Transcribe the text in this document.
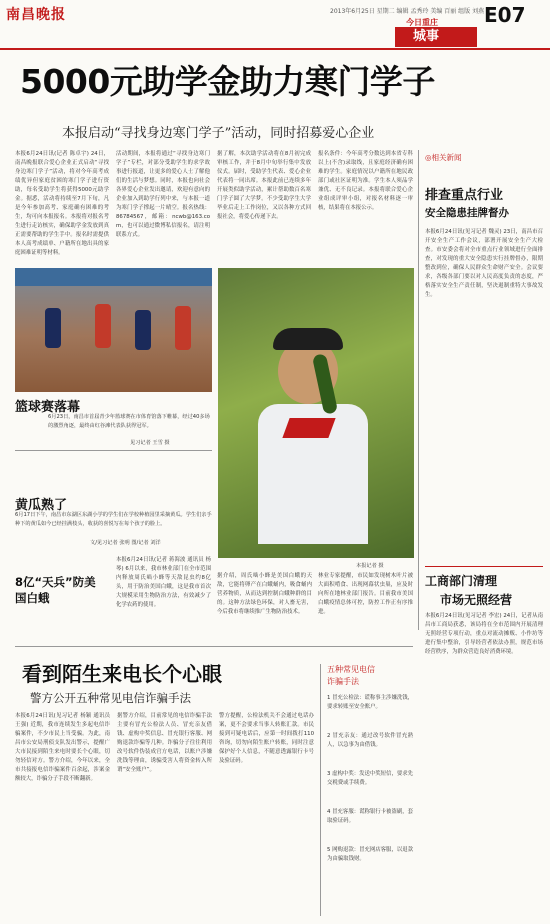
南昌晚报	2013年6月25日 星期二 编辑 孟秀玲 美编 百丽 组版 刘燕 E07
今日重庄
城事
5000元助学金助力寒门学子
本报启动“寻找身边寒门学子”活动，同时招募爱心企业
本报6月24日讯(记者 陈卓宇) 24日，南昌晚报联合爱心企业正式启动“寻找身边寒门学子”活动，将对今年高考成绩优异但家庭贫困的寒门学子进行资助，每名受助学生将获得5000元助学金。据悉，活动将持续至7月下旬，凡是今年参加高考、家庭确有困难的考生，均可向本报报名。本报将对报名考生进行走访核实，确保助学金发放到真正需要帮助的学生手中。报名时需提供本人高考成绩单、户籍所在地出具的家庭困难证明等材料。
活动期间，本报将通过“寻找身边寒门学子”专栏，对部分受助学生的求学故事进行报道，让更多的爱心人士了解他们的生活与梦想。同时，本报也向社会各界爱心企业发出邀请，欢迎有意向的企业加入到助学行列中来，与本报一道为寒门学子撑起一片晴空。报名热线：86784567，邮箱：ncwb@163.com，也可以通过微博私信报名，请注明联系方式。
据了解，本次助学活动将在8月初完成审核工作，并于8月中旬举行集中发放仪式。届时，受助学生代表、爱心企业代表将一同出席。本报此前已连续多年开展类似助学活动，累计帮助数百名寒门学子圆了大学梦。不少受助学生大学毕业后走上工作岗位，又以各种方式回报社会，将爱心传递下去。
报名条件：今年高考分数达到本省专科以上(不含)录取线，且家庭经济确有困难的学生。家庭情况以户籍所在地民政部门或社区证明为准。学生本人须品学兼优、无不良记录。本报将联合爱心企业组成评审小组，对报名材料逐一审核，结果将在本报公示。
◎相关新闻
排查重点行业
安全隐患挂牌督办
本报6月24日讯(见习记者 魏灵) 23日，南昌市召开安全生产工作会议，部署开展安全生产大检查。市安委会将对全市重点行业领域进行全面排查，对发现的重大安全隐患实行挂牌督办，限期整改到位，确保人民群众生命财产安全。会议要求，各级各部门要以对人民高度负责的态度，严格落实安全生产责任制，坚决遏制重特大事故发生。
工商部门清理
市场无照经营
本报6月24日讯(见习记者 李宏) 24日，记者从南昌市工商局获悉，该局将在全市范围内开展清理无照经营专项行动，重点对流动摊贩、小作坊等进行集中整治，引导经营者依法办照，规范市场经营秩序，为群众营造良好消费环境。
篮球赛落幕
6月23日，南昌市首届青少年篮球赛在市体育馆落下帷幕，经过40多场的激烈角逐，最终由红谷滩代表队获得冠军。
见习记者 王雪 摄
黄瓜熟了
6月17日下午，南昌市东湖区东湖小学的学生们在学校种植园里采摘黄瓜。学生们亲手种下的黄瓜如今已经挂满枝头，收获的喜悦写在每个孩子的脸上。
文/见习记者 张明 图/记者 刘洋
本报记者 摄
8亿“天兵”防美国白蛾
本报6月24日讯(记者 蒋海波 通讯员 杨琴) 6月以来，我市林业部门在全市范围内释放周氏啮小蜂等天敌昆虫约8亿头，用于防治美国白蛾，这是我市首次大规模采用生物防治方法，有效减少了化学农药的使用。
据介绍，周氏啮小蜂是美国白蛾的天敌，它能将卵产在白蛾蛹内，吸食蛹内营养物质，从而达到控制白蛾种群的目的。这种方法绿色环保，对人畜无害，今后我市将继续推广生物防治技术。
林业专家提醒，市民如发现树木叶片被大面积啃食、出现网幕状虫巢，应及时向所在地林业部门报告。目前我市美国白蛾疫情总体可控，防控工作正有序推进。
看到陌生来电长个心眼
警方公开五种常见电信诈骗手法
本报6月24日讯(见习记者 杨颖 通讯员 王强) 近期，我市连续发生多起电信诈骗案件，不少市民上当受骗。为此，南昌市公安局刑侦支队发出警示，提醒广大市民接到陌生来电时要长个心眼，切勿轻信对方。警方介绍，今年以来，全市共接报电信诈骗案件百余起，涉案金额较大，诈骗分子手段不断翻新。
据警方介绍，目前常见的电信诈骗手法主要有冒充公检法人员、冒充亲友借钱、虚构中奖信息、冒充银行客服、网购退款诈骗等几种。诈骗分子往往利用改号软件伪装成官方电话，以账户涉嫌洗钱等理由，诱骗受害人将资金转入所谓“安全账户”。
警方提醒，公检法机关不会通过电话办案，更不会要求当事人转账汇款。市民接到可疑电话后，应第一时间拨打110咨询，切勿向陌生账户转账，同时注意保护好个人信息，不随意透露银行卡号及验证码。
五种常见电信诈骗手法
1 冒充公检法：谎称事主涉嫌洗钱，要求转账至安全账户。
2 冒充亲友：通过改号软件冒充熟人，以急事为由借钱。
3 虚构中奖：发送中奖短信，要求先交税费或手续费。
4 冒充客服：谎称银行卡被盗刷，套取验证码。
5 网购退款：冒充网店客服，以退款为由骗取钱财。
